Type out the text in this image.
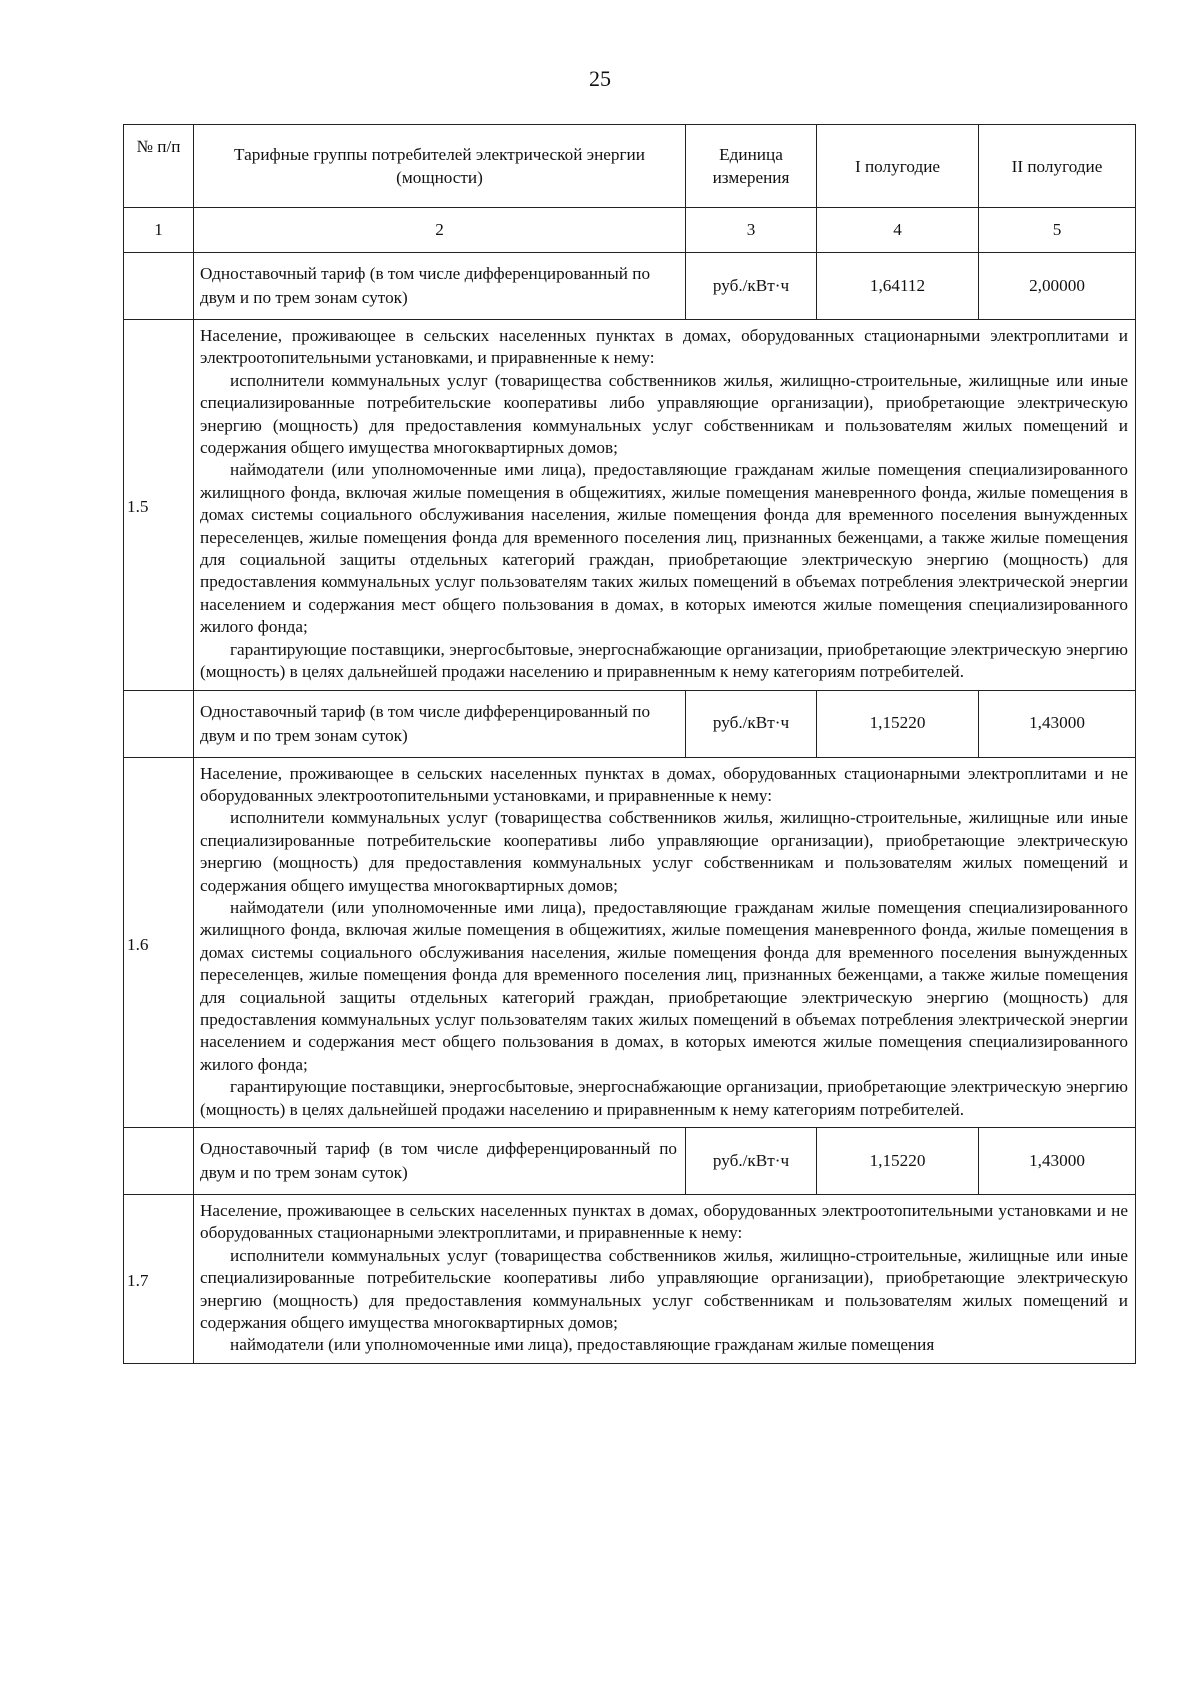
25
№ п/п	Тарифные группы потребителей электрической энергии (мощности)	Единица измерения	I полугодие	II полугодие
1	2	3	4	5
	Одноставочный тариф (в том числе дифференцированный по двум и по трем зонам суток)	руб./кВт·ч	1,64112	2,00000
1.5	Население, проживающее в сельских населенных пунктах в домах, оборудованных стационарными электроплитами и электроотопительными установками, и приравненные к нему:

исполнители коммунальных услуг (товарищества собственников жилья, жилищно-строительные, жилищные или иные специализированные потребительские кооперативы либо управляющие организации), приобретающие электрическую энергию (мощность) для предоставления коммунальных услуг собственникам и пользователям жилых помещений и содержания общего имущества многоквартирных домов;

наймодатели (или уполномоченные ими лица), предоставляющие гражданам жилые помещения специализированного жилищного фонда, включая жилые помещения в общежитиях, жилые помещения маневренного фонда, жилые помещения в домах системы социального обслуживания населения, жилые помещения фонда для временного поселения вынужденных переселенцев, жилые помещения фонда для временного поселения лиц, признанных беженцами, а также жилые помещения для социальной защиты отдельных категорий граждан, приобретающие электрическую энергию (мощность) для предоставления коммунальных услуг пользователям таких жилых помещений в объемах потребления электрической энергии населением и содержания мест общего пользования в домах, в которых имеются жилые помещения специализированного жилого фонда;

гарантирующие поставщики, энергосбытовые, энергоснабжающие организации, приобретающие электрическую энергию (мощность) в целях дальнейшей продажи населению и приравненным к нему категориям потребителей.			

	Одноставочный тариф (в том числе дифференцированный по двум и по трем зонам суток)	руб./кВт·ч	1,15220	1,43000
1.6	Население, проживающее в сельских населенных пунктах в домах, оборудованных стационарными электроплитами и не оборудованных электроотопительными установками, и приравненные к нему:

исполнители коммунальных услуг (товарищества собственников жилья, жилищно-строительные, жилищные или иные специализированные потребительские кооперативы либо управляющие организации), приобретающие электрическую энергию (мощность) для предоставления коммунальных услуг собственникам и пользователям жилых помещений и содержания общего имущества многоквартирных домов;

наймодатели (или уполномоченные ими лица), предоставляющие гражданам жилые помещения специализированного жилищного фонда, включая жилые помещения в общежитиях, жилые помещения маневренного фонда, жилые помещения в домах системы социального обслуживания населения, жилые помещения фонда для временного поселения вынужденных переселенцев, жилые помещения фонда для временного поселения лиц, признанных беженцами, а также жилые помещения для социальной защиты отдельных категорий граждан, приобретающие электрическую энергию (мощность) для предоставления коммунальных услуг пользователям таких жилых помещений в объемах потребления электрической энергии населением и содержания мест общего пользования в домах, в которых имеются жилые помещения специализированного жилого фонда;

гарантирующие поставщики, энергосбытовые, энергоснабжающие организации, приобретающие электрическую энергию (мощность) в целях дальнейшей продажи населению и приравненным к нему категориям потребителей.			

	Одноставочный тариф (в том числе дифференцированный по двум и по трем зонам суток)	руб./кВт·ч	1,15220	1,43000
1.7	Население, проживающее в сельских населенных пунктах в домах, оборудованных электроотопительными установками и не оборудованных стационарными электроплитами, и приравненные к нему:

исполнители коммунальных услуг (товарищества собственников жилья, жилищно-строительные, жилищные или иные специализированные потребительские кооперативы либо управляющие организации), приобретающие электрическую энергию (мощность) для предоставления коммунальных услуг собственникам и пользователям жилых помещений и содержания общего имущества многоквартирных домов;

наймодатели (или уполномоченные ими лица), предоставляющие гражданам жилые помещения			
